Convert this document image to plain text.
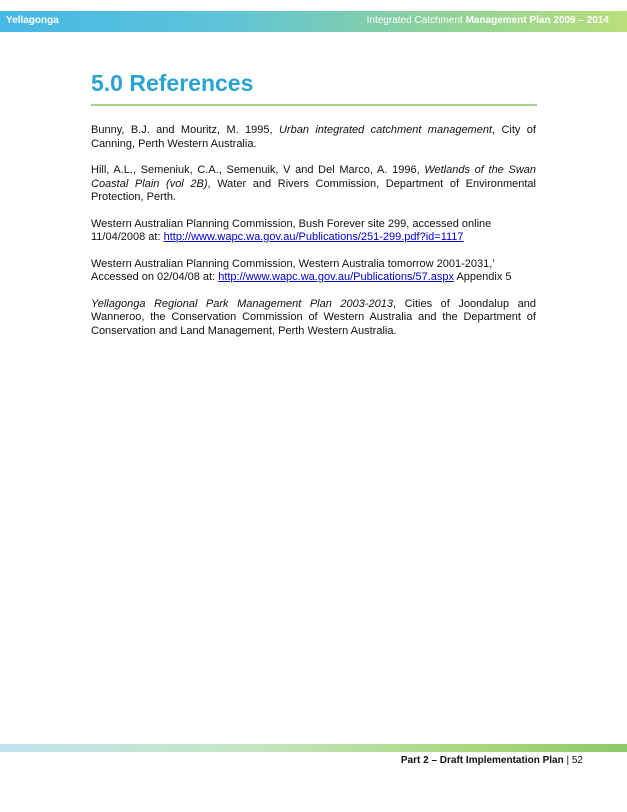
Yellagonga	Integrated Catchment Management Plan 2009 – 2014
5.0 References

Bunny, B.J. and Mouritz, M. 1995, Urban integrated catchment management, City of Canning, Perth Western Australia.

Hill, A.L., Semeniuk, C.A., Semenuik, V and Del Marco, A. 1996, Wetlands of the Swan Coastal Plain (vol 2B), Water and Rivers Commission, Department of Environmental Protection, Perth.

Western Australian Planning Commission, Bush Forever site 299, accessed online
11/04/2008 at: http://www.wapc.wa.gov.au/Publications/251-299.pdf?id=1117

Western Australian Planning Commission, Western Australia tomorrow 2001-2031,’
Accessed on 02/04/08 at: http://www.wapc.wa.gov.au/Publications/57.aspx Appendix 5

Yellagonga Regional Park Management Plan 2003-2013, Cities of Joondalup and Wanneroo, the Conservation Commission of Western Australia and the Department of Conservation and Land Management, Perth Western Australia.

Part 2 – Draft Implementation Plan | 52
